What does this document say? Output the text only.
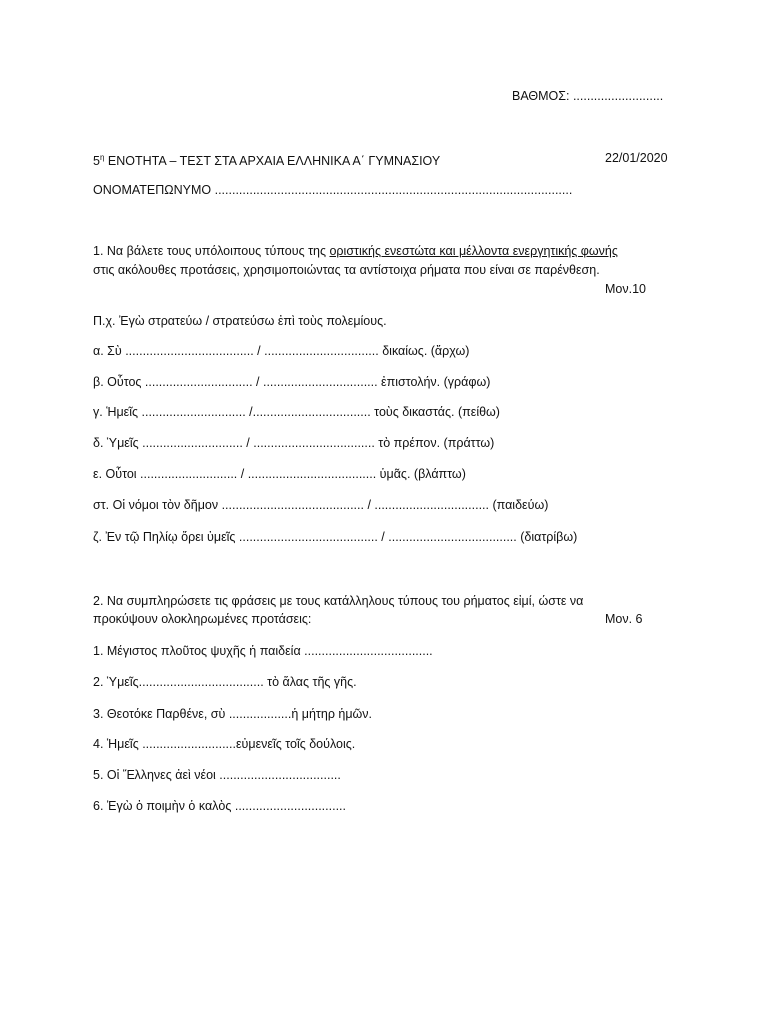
ΒΑΘΜΟΣ: ..........................
$5^\eta$ ΕΝΟΤΗΤΑ – ΤΕΣΤ ΣΤΑ ΑΡΧΑΙΑ ΕΛΛΗΝΙΚΑ Α΄ ΓΥΜΝΑΣΙΟΥ	22/01/2020
ΟΝΟΜΑΤΕΠΩΝΥΜΟ .......................................................................................................
1. Να βάλετε τους υπόλοιπους τύπους της οριστικής ενεστώτα και μέλλοντα ενεργητικής φωνής
στις ακόλουθες προτάσεις, χρησιμοποιώντας τα αντίστοιχα ρήματα που είναι σε παρένθεση.
Μον.10
Π.χ. Ἐγὼ στρατεύω / στρατεύσω ἐπὶ τοὺς πολεμίους.
α. Σὺ ..................................... / ................................. δικαίως. (ἄρχω)
β. Οὗτος ............................... / ................................. ἐπιστολήν. (γράφω)
γ. Ἡμεῖς .............................. /.................................. τοὺς δικαστάς. (πείθω)
δ. Ὑμεῖς ............................. / ................................... τὸ πρέπον. (πράττω)
ε. Οὗτοι ............................ / ..................................... ὑμᾶς. (βλάπτω)
στ. Οἱ νόμοι τὸν δῆμον ......................................... / ................................. (παιδεύω)
ζ. Ἐν τῷ Πηλίῳ ὄρει ὑμεῖς ........................................ / ..................................... (διατρίβω)
2. Να συμπληρώσετε τις φράσεις με τους κατάλληλους τύπους του ρήματος εἰμί, ώστε να
προκύψουν ολοκληρωμένες προτάσεις:	Μον. 6
1. Μέγιστος πλοῦτος ψυχῆς ἡ παιδεία .....................................
2. Ὑμεῖς.................................... τὸ ἅλας τῆς γῆς.
3. Θεοτόκε Παρθένε, σὺ ..................ἡ μήτηρ ἡμῶν.
4. Ἡμεῖς ...........................εὐμενεῖς τοῖς δούλοις.
5. Οἱ Ἕλληνες ἀεὶ νέοι ...................................
6. Ἐγὼ ὁ ποιμὴν ὁ καλὸς ................................
